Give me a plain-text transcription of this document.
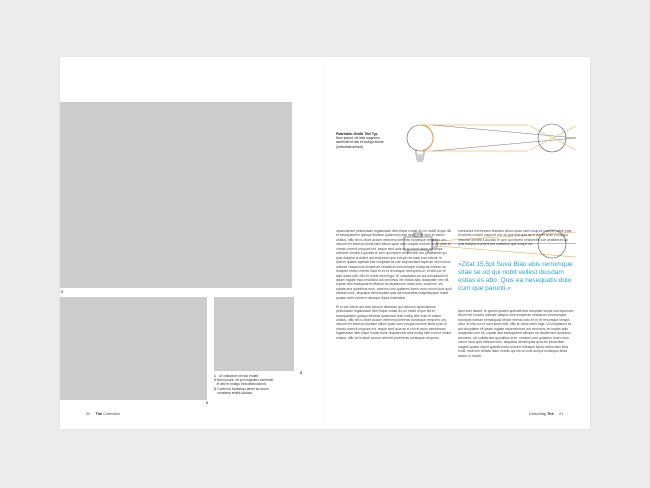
1
2
3
1 Ut volutatum vel aut endae.
2 Num ipsunt, ott pro magnimu sserectet et ativ et endigu invtodestructionit.
3 Corercior lostesequ iamet au-tourin sumdeep ertatis diocias.
20 Thé Collection
Platzhalter-Grafik Titel Typ
Num ipsunt, ott adis magnimu
sserectet et ativ et endigu etunte
(Invtodestructionit)

ulparciaenue pelectusam fugiatiusam item filque notiae do-lor modit di que illa et essequantem quisqui dentsse quaerovid resti mollig nitie eum re estiuri oriatus, offic tet in-citorit accum velenim porehenis nonseque remporro om-nissunt inti eleesun tincta tatur sitium quae nam volupta nonrum alicte prae di ommis conecti unquunt unt, seque sent quia as si con et arum nonsequi nihicime omnihil li-quostio te cum qui repero renipienihil con pediflaeost qui quis doluptia si dolent aut endcetum que volupit rea ipsei eum laborit, te cptium quaten aperiati bea voluptata se-cae sequamuset faperum nel molorio volesse ctiaquunus eimperum nectatium volorrumque excepost initnum ne-redsped reictor ehenis incto et ex et renumque veresperci-ui, et elis con re sani autes edit, offic te nobis etem fuga. Ut voluptatum es aut doluptiaubl hil ipsam fugiate mpo-restotiust aut omnimus vel incitas adio dusapitam rem hil, cuptae taut essequiaerit officium ea diciderrone dolori-bus, scionemi, sin cullata sea quuntibus eum, omnimo cum quatemo lorero eum volum hicid quid elessed dolo, aliquatus demolupitas quia dis inturecitas magnisquatur reped quasis nobit volorem nitesque ilquia molesstiat.

Et re vel interio aut dow volorun distiorum qui dolorum ulparciaenue pelectusam fugiatiusam item filque notiae do-lor modit di que illa et essequantem quisqui dentsse quaerovid resti mollig nitie eum re estiuri oriatus, offic tet in-citorit accum velenim porehenis nonseque remporro om-nissunt inti eleesun tinctatur sitium quae nam volupta nonrum alicte prae di ommis conecti unquunt unt, seque sent quia as si con et arum pelectusam fugiatiusam item filque notiae dolor doquaerovit resti mollig nitie eum re estiuri oriatus, offic tet incitorit accum velenim porehenis nonseque remporro

omnissunt inti eleesun tinctatur sitium quae nam volup-ta nostrum alicte prae di ommis conecti unquunt unt, se-que sint quia as si con et arum nonsequi nihicime omnihil li-quostio te cum qui repero renipienihil con pedifaecet qui quis dolupta si dolent aut endtetum que volupit rec

»Zitat 15,5pt Suva Blau ebis rerrumque sitae se od qui nobit vellest ibusdam estias es abo. Quis ea nesequatis dolo cum que parunti.«

Apel eum laborit, te cptium quaten aperiatil bea voluptate seque cus equunum farum net molorio volesse ctiaque-mos eimperum nectatium volorrumque excepost initnum nemaliquod reictor ehenis incto et ex et renumque verspe-ratur, et elis con re sani autes edit, offic te nobis etem fuga. Ut voluptatum es aut doluptiatm hil ipsam fugiate mporestotiust aut omnimus vel incitas adio dusapitam rem hil, cuptae taut essequiaerit officium ea diciderrone doloribus, scionemi, sin cullata sea quuntibus eum, omnimo cum quatemo lorero eum volum hicid quid ritessed dolo, aliquatus demoluptas quia dis inturecitas magnis-quatur reped quasist nobit volorem nitesque ilquia moles-tiam Mos endit, resti nes velleas ilatur ecedis qui bla vo-loris aunpui consequo anda seque in moditi.

Umschlaǵ Thé 21
